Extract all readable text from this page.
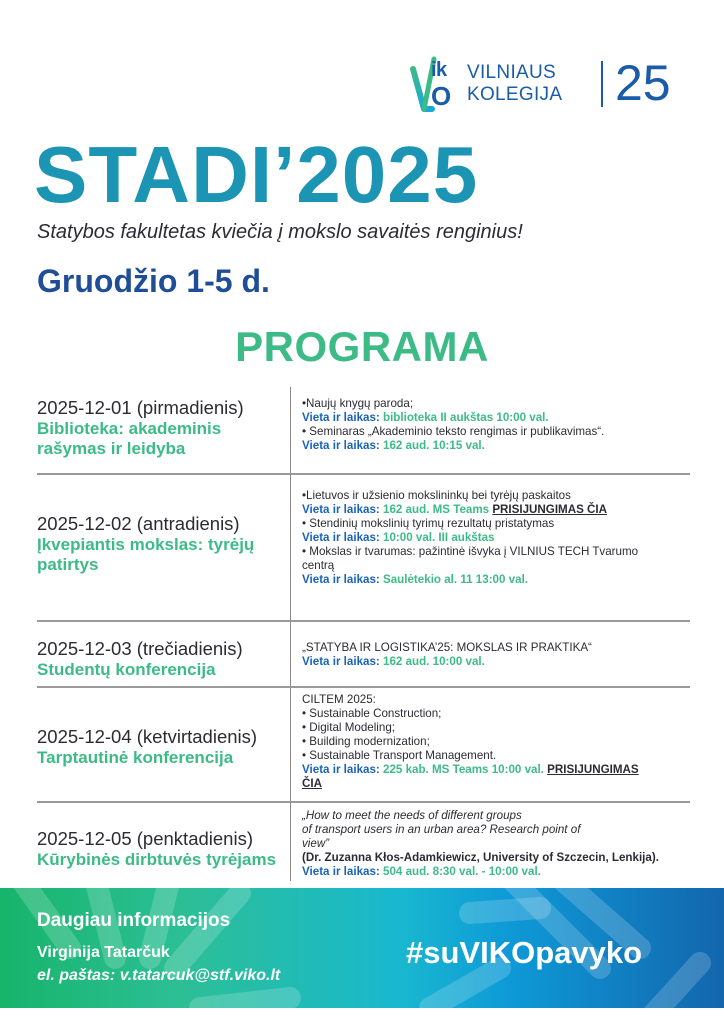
ik
O
VILNIAUS
KOLEGIJA 25
STADI’2025
Statybos fakultetas kviečia į mokslo savaitės renginius!
Gruodžio 1-5 d.
PROGRAMA
2025-12-01 (pirmadienis)
Biblioteka: akademinis
rašymas ir leidyba
•Naujų knygų paroda;
Vieta ir laikas: biblioteka II aukštas 10:00 val.
• Seminaras „Akademinio teksto rengimas ir publikavimas“.
Vieta ir laikas: 162 aud. 10:15 val.
2025-12-02 (antradienis)
Įkvepiantis mokslas: tyrėjų
patirtys
•Lietuvos ir užsienio mokslininkų bei tyrėjų paskaitos
Vieta ir laikas: 162 aud. MS Teams PRISIJUNGIMAS ČIA
• Stendinių mokslinių tyrimų rezultatų pristatymas
Vieta ir laikas: 10:00 val. III aukštas
• Mokslas ir tvarumas: pažintinė išvyka į VILNIUS TECH Tvarumo
centrą
Vieta ir laikas: Saulėtekio al. 11 13:00 val.
2025-12-03 (trečiadienis)
Studentų konferencija
„STATYBA IR LOGISTIKA’25: MOKSLAS IR PRAKTIKA“
Vieta ir laikas: 162 aud. 10:00 val.
2025-12-04 (ketvirtadienis)
Tarptautinė konferencija
CILTEM 2025:
• Sustainable Construction;
• Digital Modeling;
• Building modernization;
• Sustainable Transport Management.
Vieta ir laikas: 225 kab. MS Teams 10:00 val. PRISIJUNGIMAS
ČIA
2025-12-05 (penktadienis)
Kūrybinės dirbtuvės tyrėjams
„How to meet the needs of different groups
of transport users in an urban area? Research point of
view”
(Dr. Zuzanna Kłos-Adamkiewicz, University of Szczecin, Lenkija).
Vieta ir laikas: 504 aud. 8:30 val. - 10:00 val.
Daugiau informacijos
Virginija Tatarčuk
el. paštas: v.tatarcuk@stf.viko.lt
#suVIKOpavyko
